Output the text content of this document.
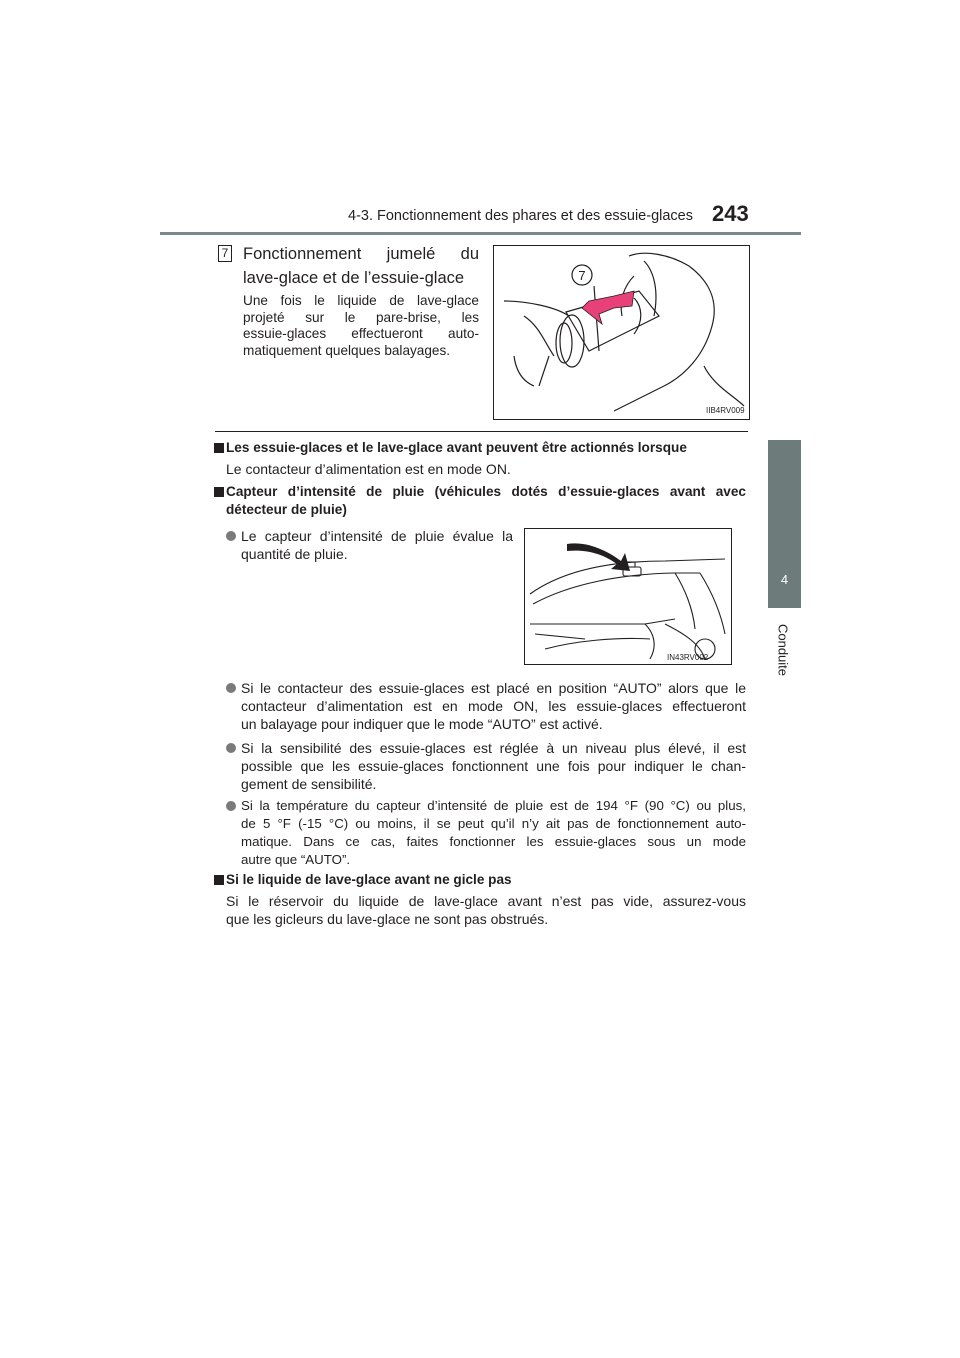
4-3. Fonctionnement des phares et des essuie-glaces 243
4
Conduite
7 Fonctionnement jumelé du
lave-glace et de l’essuie-glace
Une fois le liquide de lave-glace
projeté sur le pare-brise, les
essuie-glaces effectueront auto-
matiquement quelques balayages.
7
IIB4RV009
Les essuie-glaces et le lave-glace avant peuvent être actionnés lorsque
Le contacteur d’alimentation est en mode ON.
Capteur d’intensité de pluie (véhicules dotés d’essuie-glaces avant avec
détecteur de pluie)
Le capteur d’intensité de pluie évalue la
quantité de pluie.
IN43RV002
Si le contacteur des essuie-glaces est placé en position “AUTO” alors que le
contacteur d’alimentation est en mode ON, les essuie-glaces effectueront
un balayage pour indiquer que le mode “AUTO” est activé.
Si la sensibilité des essuie-glaces est réglée à un niveau plus élevé, il est
possible que les essuie-glaces fonctionnent une fois pour indiquer le chan-
gement de sensibilité.
Si la température du capteur d’intensité de pluie est de 194 °F (90 °C) ou plus,
de 5 °F (-15 °C) ou moins, il se peut qu’il n’y ait pas de fonctionnement auto-
matique. Dans ce cas, faites fonctionner les essuie-glaces sous un mode
autre que “AUTO”.
Si le liquide de lave-glace avant ne gicle pas
Si le réservoir du liquide de lave-glace avant n’est pas vide, assurez-vous
que les gicleurs du lave-glace ne sont pas obstrués.
